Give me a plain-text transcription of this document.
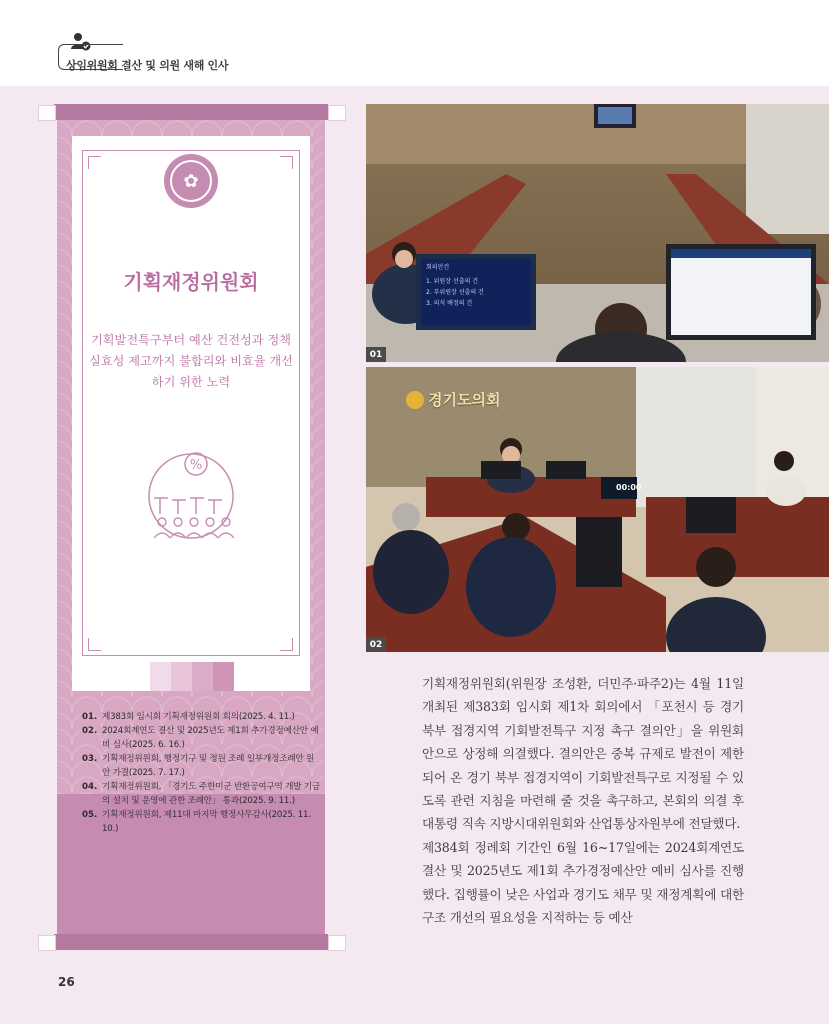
상임위원회 결산 및 의원 새해 인사
✿
기획재정위원회
기획발전특구부터 예산 건전성과 정책 실효성 제고까지 불합리와 비효율 개선하기 위한 노력
%
01. 제383회 임시회 기획재정위원회 회의(2025. 4. 11.)
02. 2024회계연도 결산 및 2025년도 제1회 추가경정예산안 예비 심사(2025. 6. 16.)
03. 기획재정위원회, 행정기구 및 정원 조례 일부개정조례안 원안 가결(2025. 7. 17.)
04. 기획재정위원회, 「경기도 주한미군 반환공여구역 개발 기금의 설치 및 운영에 관한 조례안」 통과(2025. 9. 11.)
05. 기획재정위원회, 제11대 마지막 행정사무감사(2025. 11. 10.)
회의안건
1. 위원장 선출의 건
2. 부위원장 선출의 건
3. 의석 배정의 건
01
경기도의회
00:00
02

기획재정위원회(위원장 조성환, 더민주·파주2)는 4월 11일 개최된 제383회 임시회 제1차 회의에서 「포천시 등 경기 북부 접경지역 기회발전특구 지정 촉구 결의안」을 위원회안으로 상정해 의결했다. 결의안은 중복 규제로 발전이 제한되어 온 경기 북부 접경지역이 기회발전특구로 지정될 수 있도록 관련 지침을 마련해 줄 것을 촉구하고, 본회의 의결 후 대통령 직속 지방시대위원회와 산업통상자원부에 전달했다.

제384회 정례회 기간인 6월 16~17일에는 2024회계연도 결산 및 2025년도 제1회 추가경정예산안 예비 심사를 진행했다. 집행률이 낮은 사업과 경기도 채무 및 재정계획에 대한 구조 개선의 필요성을 지적하는 등 예산

26
